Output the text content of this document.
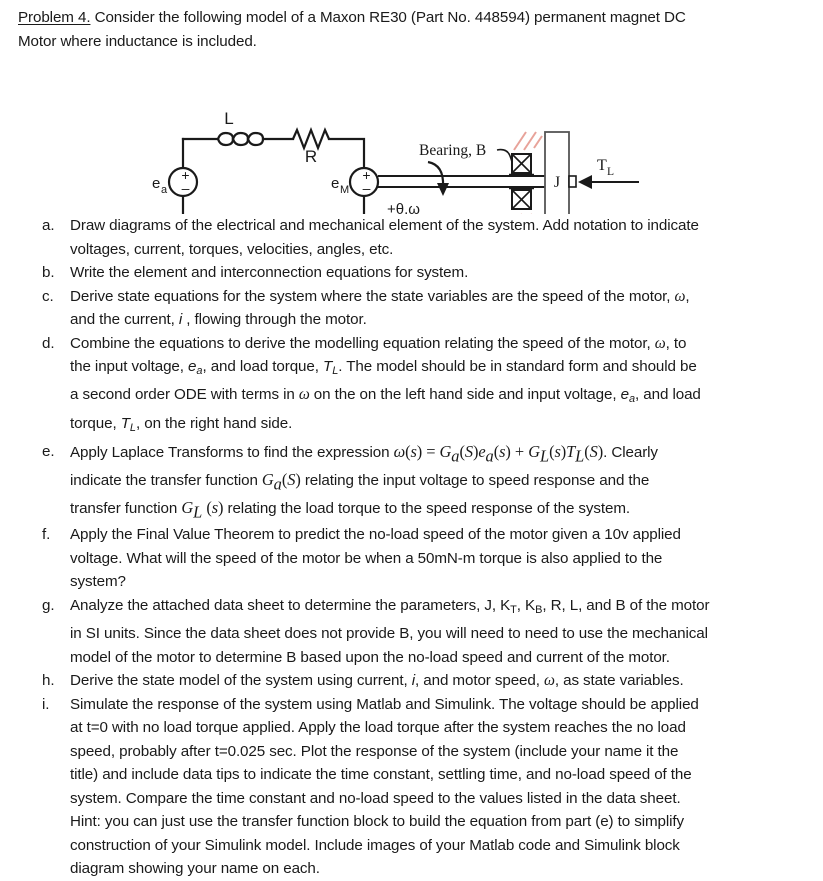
Problem 4. Consider the following model of a Maxon RE30 (Part No. 448594) permanent magnet DC
Motor where inductance is included.

+
–
e a
+
–
e M
L
R
+θ,ω
Bearing, B
J
T L
a.	Draw diagrams of the electrical and mechanical element of the system. Add notation to indicate
voltages, current, torques, velocities, angles, etc.
b.	Write the element and interconnection equations for system.
c.	Derive state equations for the system where the state variables are the speed of the motor, ω,
and the current, i , flowing through the motor.
d.	Combine the equations to derive the modelling equation relating the speed of the motor, ω, to
the input voltage, $e_a$, and load torque, $T_L$. The model should be in standard form and should be
a second order ODE with terms in ω on the on the left hand side and input voltage, $e_a$, and load
torque, $T_L$, on the right hand side.
e.	Apply Laplace Transforms to find the expression ω(s) = Ga(S)ea(s) + GL(s)TL(S). Clearly
indicate the transfer function Ga(S) relating the input voltage to speed response and the
transfer function GL (s) relating the load torque to the speed response of the system.
f.	Apply the Final Value Theorem to predict the no-load speed of the motor given a 10v applied
voltage. What will the speed of the motor be when a 50mN-m torque is also applied to the
system?
g.	Analyze the attached data sheet to determine the parameters, J, $K_T$, $K_B$, R, L, and B of the motor
in SI units. Since the data sheet does not provide B, you will need to need to use the mechanical
model of the motor to determine B based upon the no-load speed and current of the motor.
h.	Derive the state model of the system using current, i, and motor speed, ω, as state variables.
i.	Simulate the response of the system using Matlab and Simulink. The voltage should be applied
at t=0 with no load torque applied. Apply the load torque after the system reaches the no load
speed, probably after t=0.025 sec. Plot the response of the system (include your name it the
title) and include data tips to indicate the time constant, settling time, and no-load speed of the
system. Compare the time constant and no-load speed to the values listed in the data sheet.
Hint: you can just use the transfer function block to build the equation from part (e) to simplify
construction of your Simulink model. Include images of your Matlab code and Simulink block
diagram showing your name on each.
